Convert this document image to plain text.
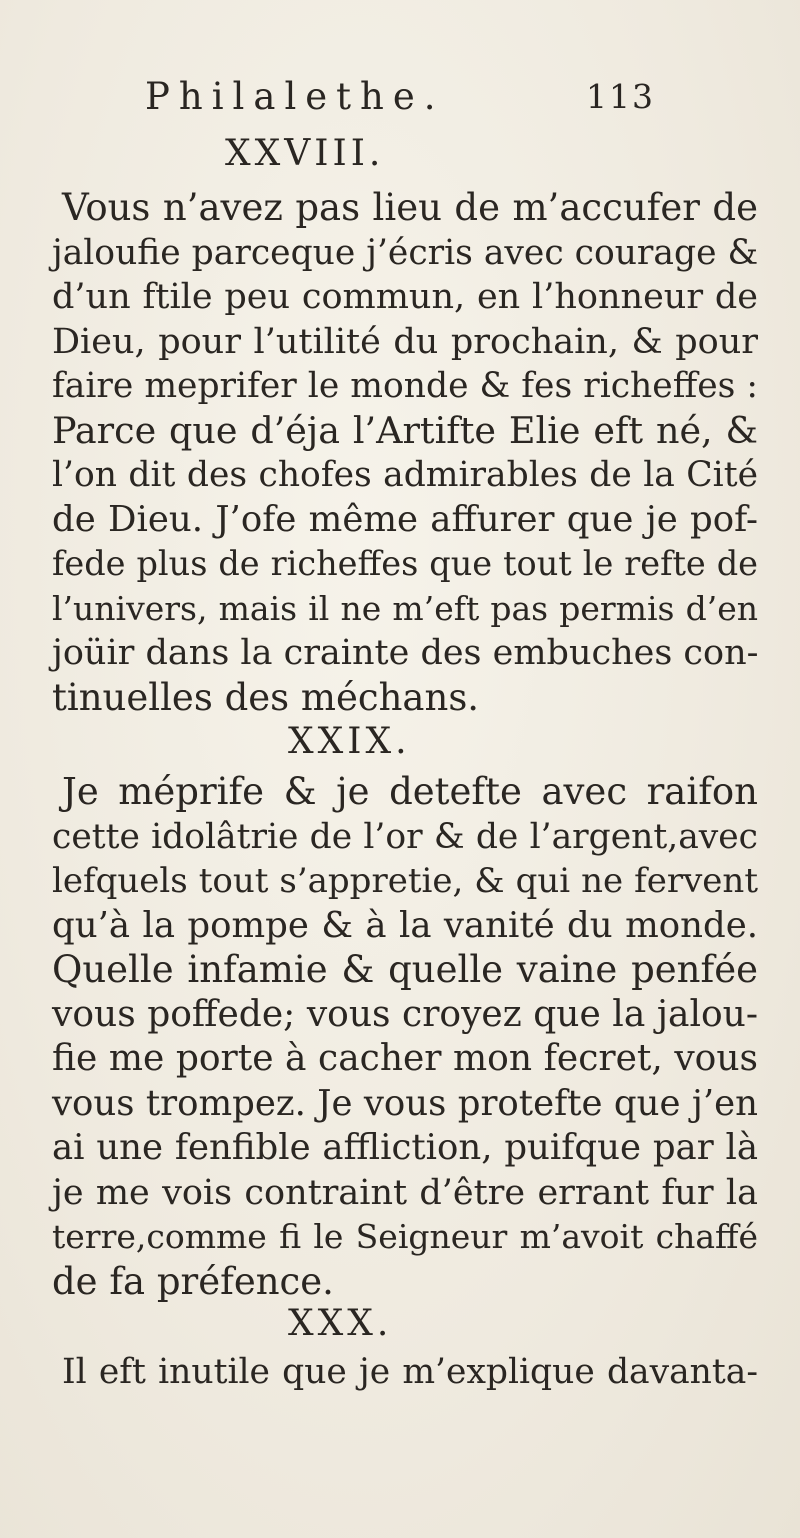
Philalethe.	113
XXVIII.
Vous n’avez pas lieu de m’accufer de
jaloufie parceque j’écris avec courage &
d’un ftile peu commun, en l’honneur de
Dieu, pour l’utilité du prochain, & pour
faire meprifer le monde & fes richeffes :
Parce que d’éja l’Artifte Elie eft né, &
l’on dit des chofes admirables de la Cité
de Dieu. J’ofe même affurer que je pof-
fede plus de richeffes que tout le refte de
l’univers, mais il ne m’eft pas permis d’en
joüir dans la crainte des embuches con-
tinuelles des méchans.
XXIX.
Je méprife & je detefte avec raifon
cette idolâtrie de l’or & de l’argent,avec
lefquels tout s’appretie, & qui ne fervent
qu’à la pompe & à la vanité du monde.
Quelle infamie & quelle vaine penfée
vous poffede; vous croyez que la jalou-
fie me porte à cacher mon fecret, vous
vous trompez. Je vous protefte que j’en
ai une fenfible affliction, puifque par là
je me vois contraint d’être errant fur la
terre,comme fi le Seigneur m’avoit chaffé
de fa préfence.
XXX.
Il eft inutile que je m’explique davanta-
